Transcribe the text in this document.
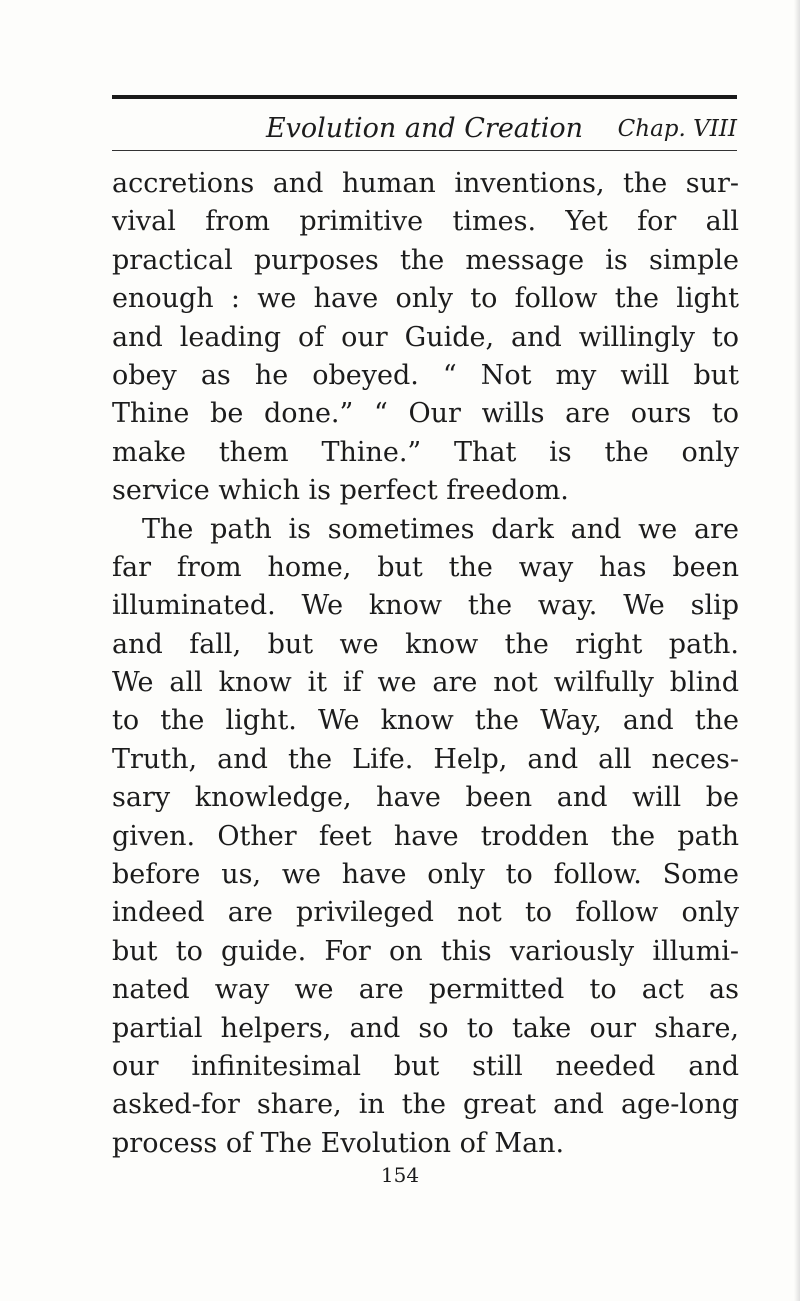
Evolution and Creation	Chap. VIII
accretions and human inventions, the sur-
vival from primitive times. Yet for all
practical purposes the message is simple
enough : we have only to follow the light
and leading of our Guide, and willingly to
obey as he obeyed. “ Not my will but
Thine be done.” “ Our wills are ours to
make them Thine.” That is the only
service which is perfect freedom.
The path is sometimes dark and we are
far from home, but the way has been
illuminated. We know the way. We slip
and fall, but we know the right path.
We all know it if we are not wilfully blind
to the light. We know the Way, and the
Truth, and the Life. Help, and all neces-
sary knowledge, have been and will be
given. Other feet have trodden the path
before us, we have only to follow. Some
indeed are privileged not to follow only
but to guide. For on this variously illumi-
nated way we are permitted to act as
partial helpers, and so to take our share,
our infinitesimal but still needed and
asked-for share, in the great and age-long
process of The Evolution of Man.
154
